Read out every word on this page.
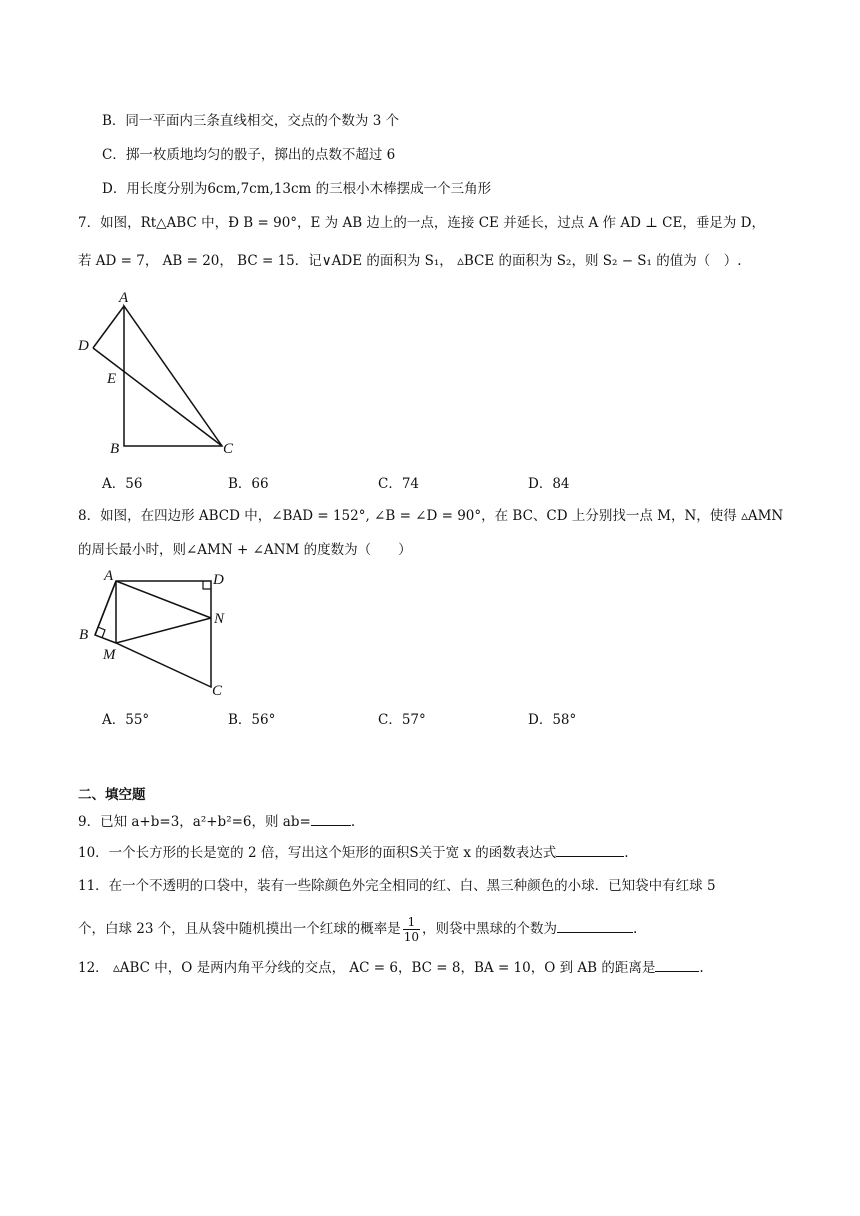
B．同一平面内三条直线相交，交点的个数为 3 个
C．掷一枚质地均匀的骰子，掷出的点数不超过 6
D．用长度分别为6cm,7cm,13cm 的三根小木棒摆成一个三角形
7．如图，Rt△ABC 中，Ð B = 90°，E 为 AB 边上的一点，连接 CE 并延长，过点 A 作 AD ⊥ CE，垂足为 D，
若 AD = 7， AB = 20， BC = 15．记∨ADE 的面积为 S₁， ▵BCE 的面积为 S₂，则 S₂ − S₁ 的值为（　）.
A
D
E
B	C
A．56	B．66	C．74	D．84
8．如图，在四边形 ABCD 中，∠BAD = 152°, ∠B = ∠D = 90°，在 BC、CD 上分别找一点 M，N，使得 ▵AMN
的周长最小时，则∠AMN + ∠ANM 的度数为（　　）
A	D
N
B
M
C
A．55°	B．56°	C．57°	D．58°
二、填空题
9．已知 a+b=3，a²+b²=6，则 ab=	.
10．一个长方形的长是宽的 2 倍，写出这个矩形的面积S关于宽 x 的函数表达式	.
11．在一个不透明的口袋中，装有一些除颜色外完全相同的红、白、黑三种颜色的小球．已知袋中有红球 5
个，白球 23 个，且从袋中随机摸出一个红球的概率是 $\frac{1}{10}$ ，则袋中黑球的个数为	.
12． ▵ABC 中，O 是两内角平分线的交点， AC = 6，BC = 8，BA = 10，O 到 AB 的距离是	.
